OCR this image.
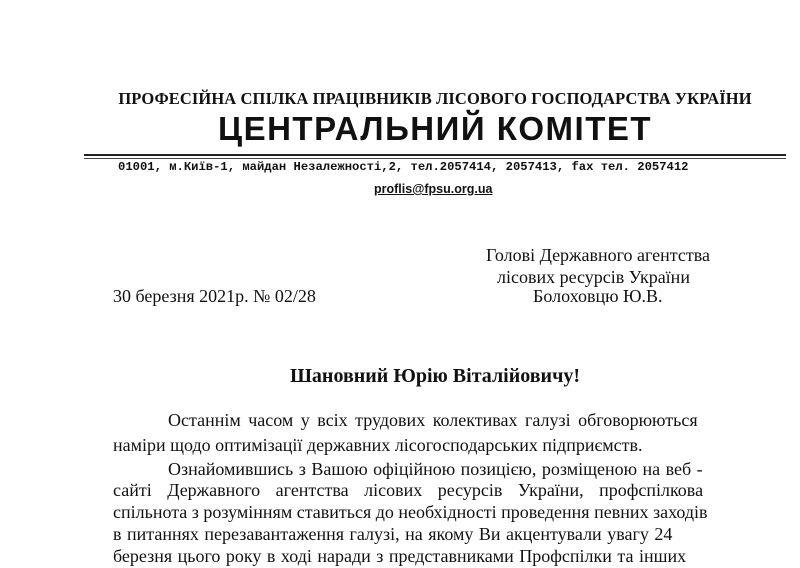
ПРОФЕСІЙНА СПІЛКА ПРАЦІВНИКІВ ЛІСОВОГО ГОСПОДАРСТВА УКРАЇНИ
ЦЕНТРАЛЬНИЙ КОМІТЕТ
01001, м.Київ-1, майдан Незалежності,2, тел.2057414, 2057413, fax тел. 2057412
proflis@fpsu.org.ua
Голові Державного агентства
лісових ресурсів України
Болоховцю Ю.В.
30 березня 2021р. № 02/28
Шановний Юрію Віталійовичу!
Останнім часом у всіх трудових колективах галузі обговорюються
наміри щодо оптимізації державних лісогосподарських підприємств.
Ознайомившись з Вашою офіційною позицією, розміщеною на веб -
сайті Державного агентства лісових ресурсів України, профспілкова
спільнота з розумінням ставиться до необхідності проведення певних заходів
в питаннях перезавантаження галузі, на якому Ви акцентували увагу 24
березня цього року в ході наради з представниками Профспілки та інших
